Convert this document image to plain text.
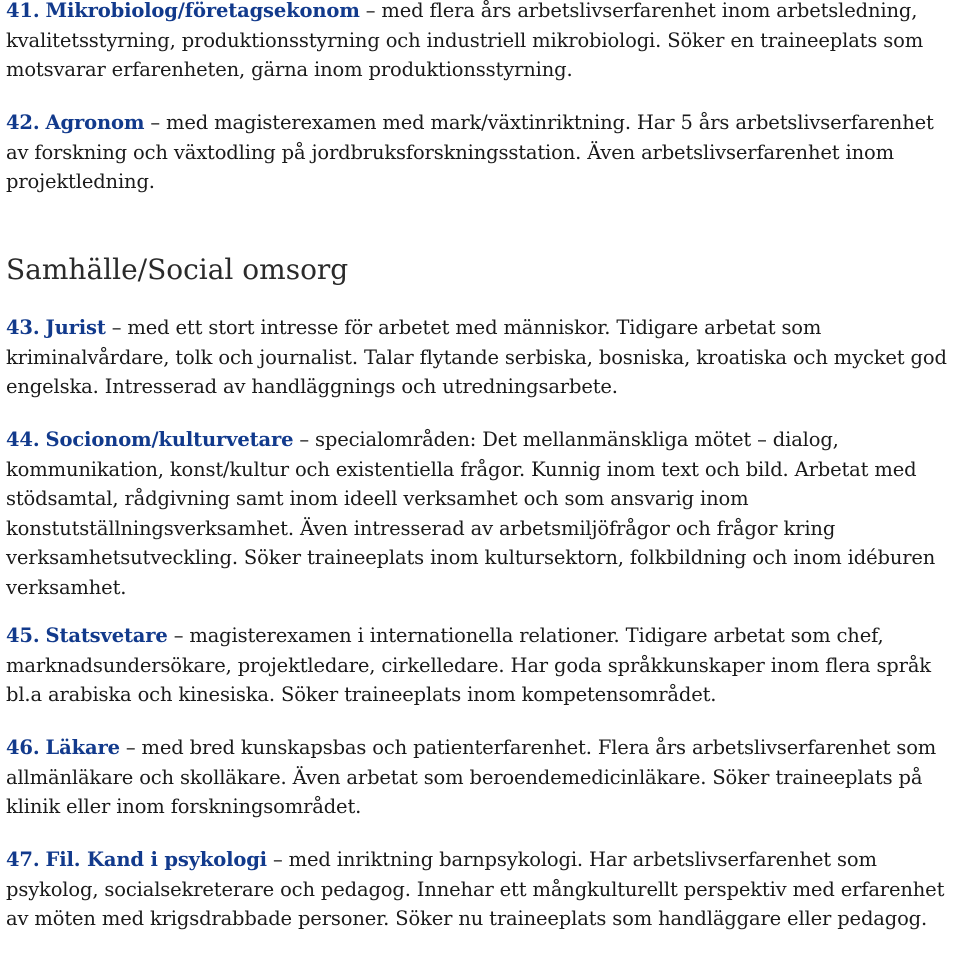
41. Mikrobiolog/företagsekonom – med flera års arbetslivserfarenhet inom arbetsledning, kvalitetsstyrning, produktionsstyrning och industriell mikrobiologi. Söker en traineeplats som motsvarar erfarenheten, gärna inom produktionsstyrning.

42. Agronom – med magisterexamen med mark/växtinriktning. Har 5 års arbetslivserfarenhet av forskning och växtodling på jordbruksforskningsstation. Även arbetslivserfarenhet inom projektledning.

Samhälle/Social omsorg

43. Jurist – med ett stort intresse för arbetet med människor. Tidigare arbetat som kriminalvårdare, tolk och journalist. Talar flytande serbiska, bosniska, kroatiska och mycket god engelska. Intresserad av handläggnings och utredningsarbete.

44. Socionom/kulturvetare – specialområden: Det mellanmänskliga mötet – dialog, kommunikation, konst/kultur och existentiella frågor. Kunnig inom text och bild. Arbetat med stödsamtal, rådgivning samt inom ideell verksamhet och som ansvarig inom konstutställningsverksamhet. Även intresserad av arbetsmiljöfrågor och frågor kring verksamhetsutveckling. Söker traineeplats inom kultursektorn, folkbildning och inom idéburen verksamhet.

45. Statsvetare – magisterexamen i internationella relationer. Tidigare arbetat som chef, marknadsundersökare, projektledare, cirkelledare. Har goda språkkunskaper inom flera språk bl.a arabiska och kinesiska. Söker traineeplats inom kompetensområdet.

46. Läkare – med bred kunskapsbas och patienterfarenhet. Flera års arbetslivserfarenhet som allmänläkare och skolläkare. Även arbetat som beroendemedicinläkare. Söker traineeplats på klinik eller inom forskningsområdet.

47. Fil. Kand i psykologi – med inriktning barnpsykologi. Har arbetslivserfarenhet som psykolog, socialsekreterare och pedagog. Innehar ett mångkulturellt perspektiv med erfarenhet av möten med krigsdrabbade personer. Söker nu traineeplats som handläggare eller pedagog.
